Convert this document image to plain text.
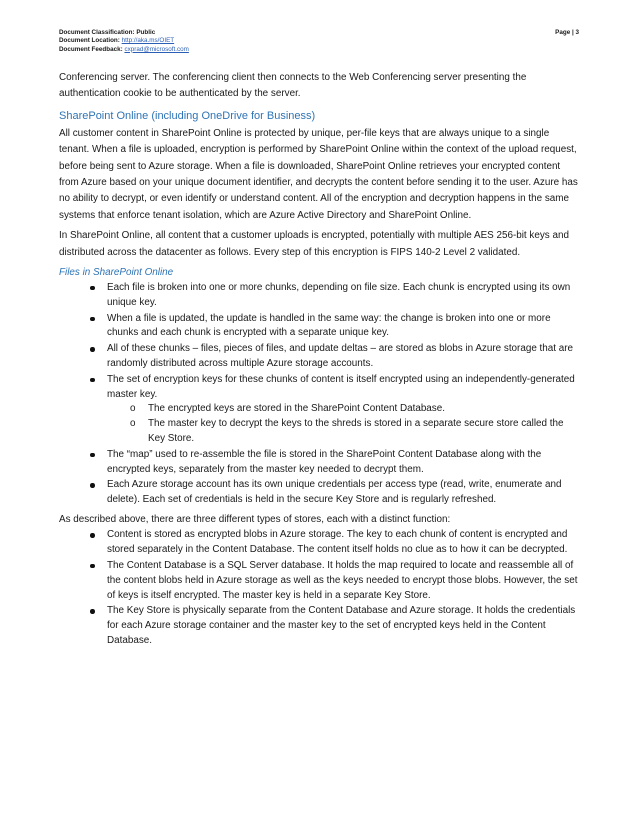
Document Classification: Public	Page | 3
Document Location: http://aka.ms/OIET
Document Feedback: cxprad@microsoft.com

Conferencing server. The conferencing client then connects to the Web Conferencing server presenting the authentication cookie to be authenticated by the server.

SharePoint Online (including OneDrive for Business)

All customer content in SharePoint Online is protected by unique, per-file keys that are always unique to a single tenant. When a file is uploaded, encryption is performed by SharePoint Online within the context of the upload request, before being sent to Azure storage. When a file is downloaded, SharePoint Online retrieves your encrypted content from Azure based on your unique document identifier, and decrypts the content before sending it to the user. Azure has no ability to decrypt, or even identify or understand content. All of the encryption and decryption happens in the same systems that enforce tenant isolation, which are Azure Active Directory and SharePoint Online.

In SharePoint Online, all content that a customer uploads is encrypted, potentially with multiple AES 256-bit keys and distributed across the datacenter as follows. Every step of this encryption is FIPS 140-2 Level 2 validated.

Files in SharePoint Online
Each file is broken into one or more chunks, depending on file size. Each chunk is encrypted using its own unique key.
When a file is updated, the update is handled in the same way: the change is broken into one or more chunks and each chunk is encrypted with a separate unique key.
All of these chunks – files, pieces of files, and update deltas – are stored as blobs in Azure storage that are randomly distributed across multiple Azure storage accounts.
The set of encryption keys for these chunks of content is itself encrypted using an independently-generated master key.
o The encrypted keys are stored in the SharePoint Content Database.
o The master key to decrypt the keys to the shreds is stored in a separate secure store called the Key Store.
The “map” used to re-assemble the file is stored in the SharePoint Content Database along with the encrypted keys, separately from the master key needed to decrypt them.
Each Azure storage account has its own unique credentials per access type (read, write, enumerate and delete). Each set of credentials is held in the secure Key Store and is regularly refreshed.

As described above, there are three different types of stores, each with a distinct function:

Content is stored as encrypted blobs in Azure storage. The key to each chunk of content is encrypted and stored separately in the Content Database. The content itself holds no clue as to how it can be decrypted.
The Content Database is a SQL Server database. It holds the map required to locate and reassemble all of the content blobs held in Azure storage as well as the keys needed to encrypt those blobs. However, the set of keys is itself encrypted. The master key is held in a separate Key Store.
The Key Store is physically separate from the Content Database and Azure storage. It holds the credentials for each Azure storage container and the master key to the set of encrypted keys held in the Content Database.
